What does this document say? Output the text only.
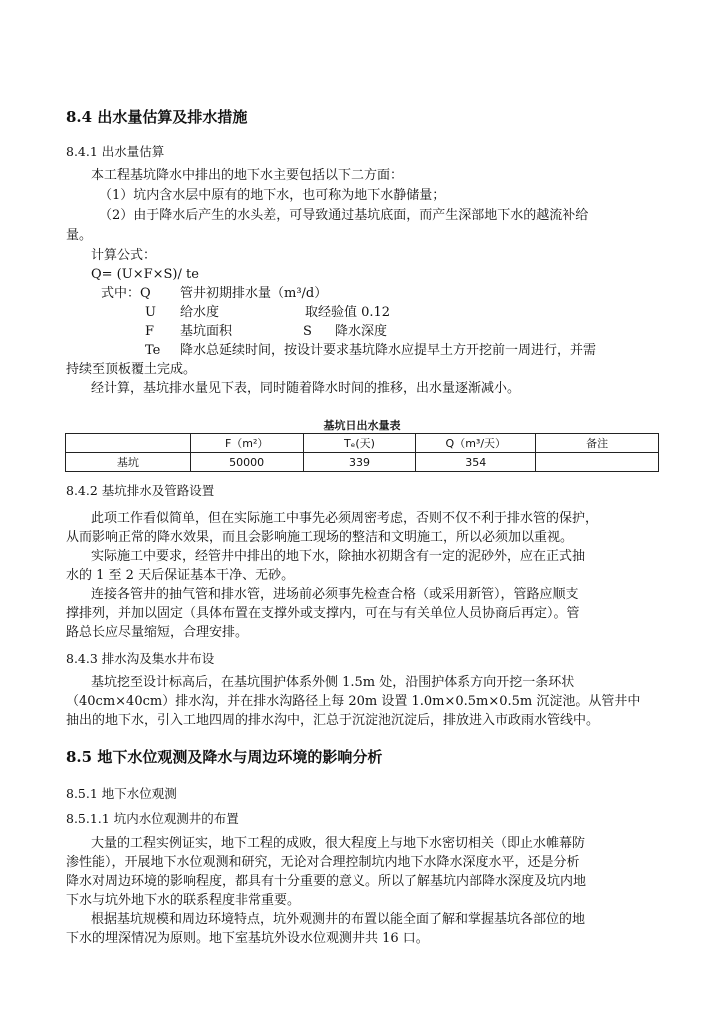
8.4 出水量估算及排水措施
8.4.1 出水量估算
本工程基坑降水中排出的地下水主要包括以下二方面：
（1）坑内含水层中原有的地下水，也可称为地下水静储量；
（2）由于降水后产生的水头差，可导致通过基坑底面，而产生深部地下水的越流补给
量。
计算公式：
Q= (U×F×S)/ te
式中：Q 管井初期排水量（m³/d）
U 给水度	取经验值 0.12
F 基坑面积	S 降水深度
Te 降水总延续时间，按设计要求基坑降水应提早土方开挖前一周进行，并需
持续至顶板覆土完成。
经计算，基坑排水量见下表，同时随着降水时间的推移，出水量逐渐减小。
基坑日出水量表
	F（m²）	Tₑ(天)	Q（m³/天）	备注
基坑	50000	339	354	
8.4.2 基坑排水及管路设置
此项工作看似简单，但在实际施工中事先必须周密考虑，否则不仅不利于排水管的保护，
从而影响正常的降水效果，而且会影响施工现场的整洁和文明施工，所以必须加以重视。
实际施工中要求，经管井中排出的地下水，除抽水初期含有一定的泥砂外，应在正式抽
水的 1 至 2 天后保证基本干净、无砂。
连接各管井的抽气管和排水管，进场前必须事先检查合格（或采用新管），管路应顺支
撑排列，并加以固定（具体布置在支撑外或支撑内，可在与有关单位人员协商后再定）。管
路总长应尽量缩短，合理安排。
8.4.3 排水沟及集水井布设
基坑挖至设计标高后，在基坑围护体系外侧 1.5m 处，沿围护体系方向开挖一条环状
（40cm×40cm）排水沟，并在排水沟路径上每 20m 设置 1.0m×0.5m×0.5m 沉淀池。从管井中
抽出的地下水，引入工地四周的排水沟中，汇总于沉淀池沉淀后，排放进入市政雨水管线中。
8.5 地下水位观测及降水与周边环境的影响分析
8.5.1 地下水位观测
8.5.1.1 坑内水位观测井的布置
大量的工程实例证实，地下工程的成败，很大程度上与地下水密切相关（即止水帷幕防
渗性能），开展地下水位观测和研究，无论对合理控制坑内地下水降水深度水平，还是分析
降水对周边环境的影响程度，都具有十分重要的意义。所以了解基坑内部降水深度及坑内地
下水与坑外地下水的联系程度非常重要。
根据基坑规模和周边环境特点，坑外观测井的布置以能全面了解和掌握基坑各部位的地
下水的埋深情况为原则。地下室基坑外设水位观测井共 16 口。
